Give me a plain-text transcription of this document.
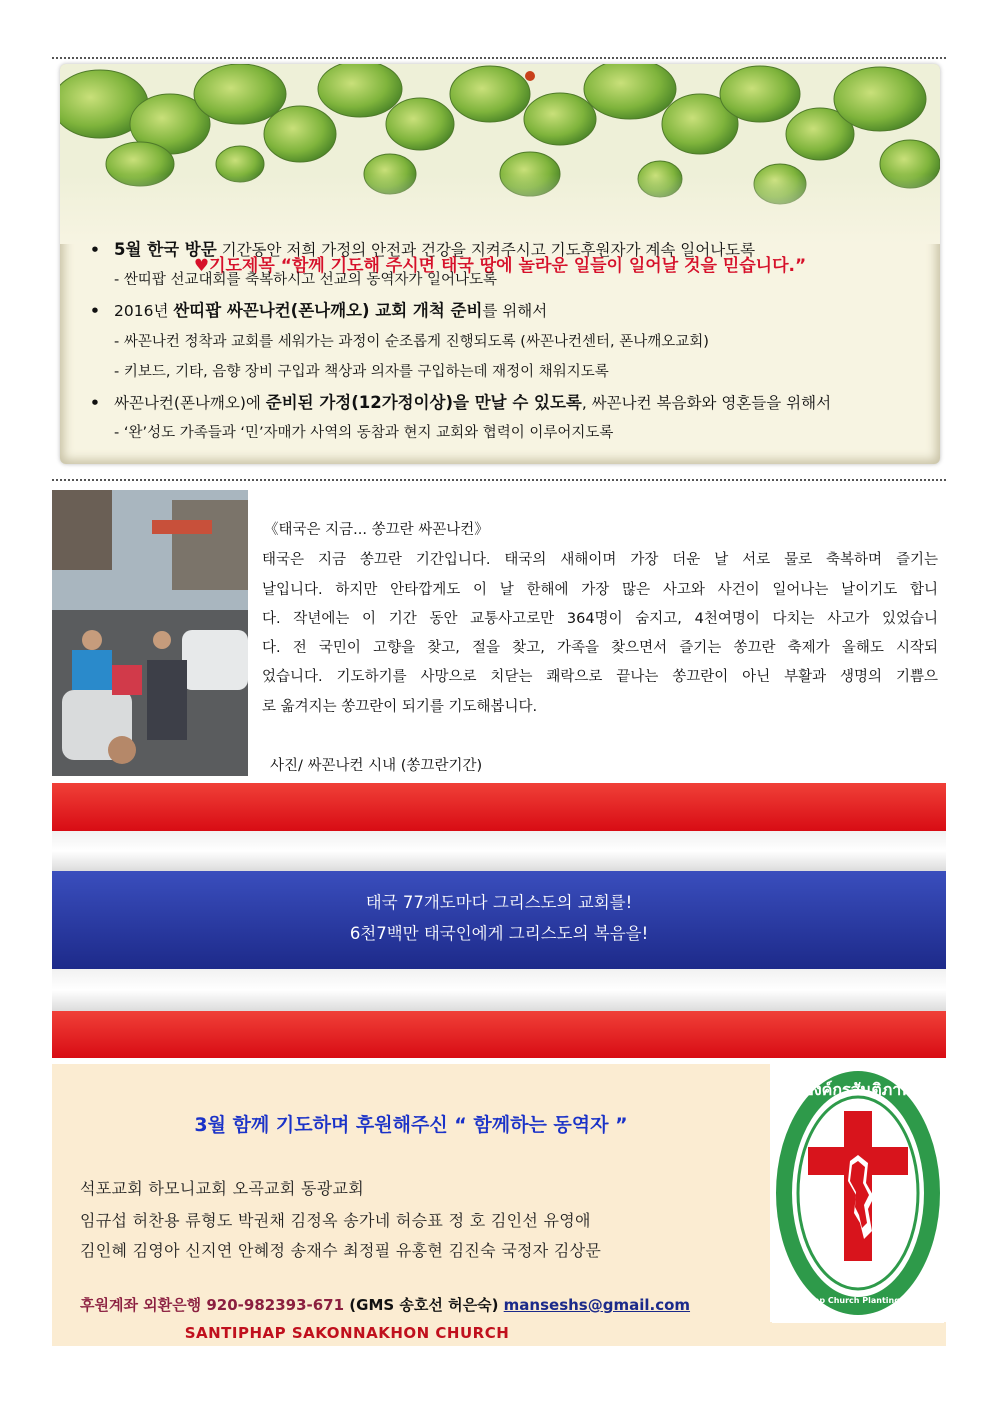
♥기도제목 “함께 기도해 주시면 태국 땅에 놀라운 일들이 일어날 것을 믿습니다.”
• 5월 한국 방문 기간동안 저희 가정의 안전과 건강을 지켜주시고 기도후원자가 계속 일어나도록
- 싼띠팝 선교대회를 축복하시고 선교의 동역자가 일어나도록
• 2016년 싼띠팝 싸꼰나컨(폰나깨오) 교회 개척 준비를 위해서
- 싸꼰나컨 정착과 교회를 세워가는 과정이 순조롭게 진행되도록 (싸꼰나컨센터, 폰나깨오교회)
- 키보드, 기타, 음향 장비 구입과 책상과 의자를 구입하는데 재정이 채워지도록
• 싸꼰나컨(폰나깨오)에 준비된 가정(12가정이상)을 만날 수 있도록, 싸꼰나컨 복음화와 영혼들을 위해서
- ‘완’성도 가족들과 ‘민’자매가 사역의 동참과 현지 교회와 협력이 이루어지도록
《태국은 지금... 쏭끄란 싸꼰나컨》
태국은 지금 쏭끄란 기간입니다. 태국의 새해이며 가장 더운 날 서로 물로 축복하며 즐기는
날입니다. 하지만 안타깝게도 이 날 한해에 가장 많은 사고와 사건이 일어나는 날이기도 합니
다. 작년에는 이 기간 동안 교통사고로만 364명이 숨지고, 4천여명이 다치는 사고가 있었습니
다. 전 국민이 고향을 찾고, 절을 찾고, 가족을 찾으면서 즐기는 쏭끄란 축제가 올해도 시작되
었습니다. 기도하기를 사망으로 치닫는 쾌락으로 끝나는 쏭끄란이 아닌 부활과 생명의 기쁨으
로 옮겨지는 쏭끄란이 되기를 기도해봅니다.
사진/ 싸꼰나컨 시내 (쏭끄란기간)
태국 77개도마다 그리스도의 교회를!
6천7백만 태국인에게 그리스도의 복음을!
3월 함께 기도하며 후원해주신 “ 함께하는 동역자 ”
석포교회 하모니교회 오곡교회 동광교회
임규섭 허찬용 류형도 박권채 김정옥 송가네 허승표 정 호 김인선 유영애
김인혜 김영아 신지연 안혜정 송재수 최정필 유홍현 김진숙 국정자 김상문
후원계좌 외환은행 920-982393-671 (GMS 송호선 허은숙) manseshs@gmail.com
SANTIPHAP SAKONNAKHON CHURCH
องค์กรสันติภาพ
Santiphap Church Planting Mission
